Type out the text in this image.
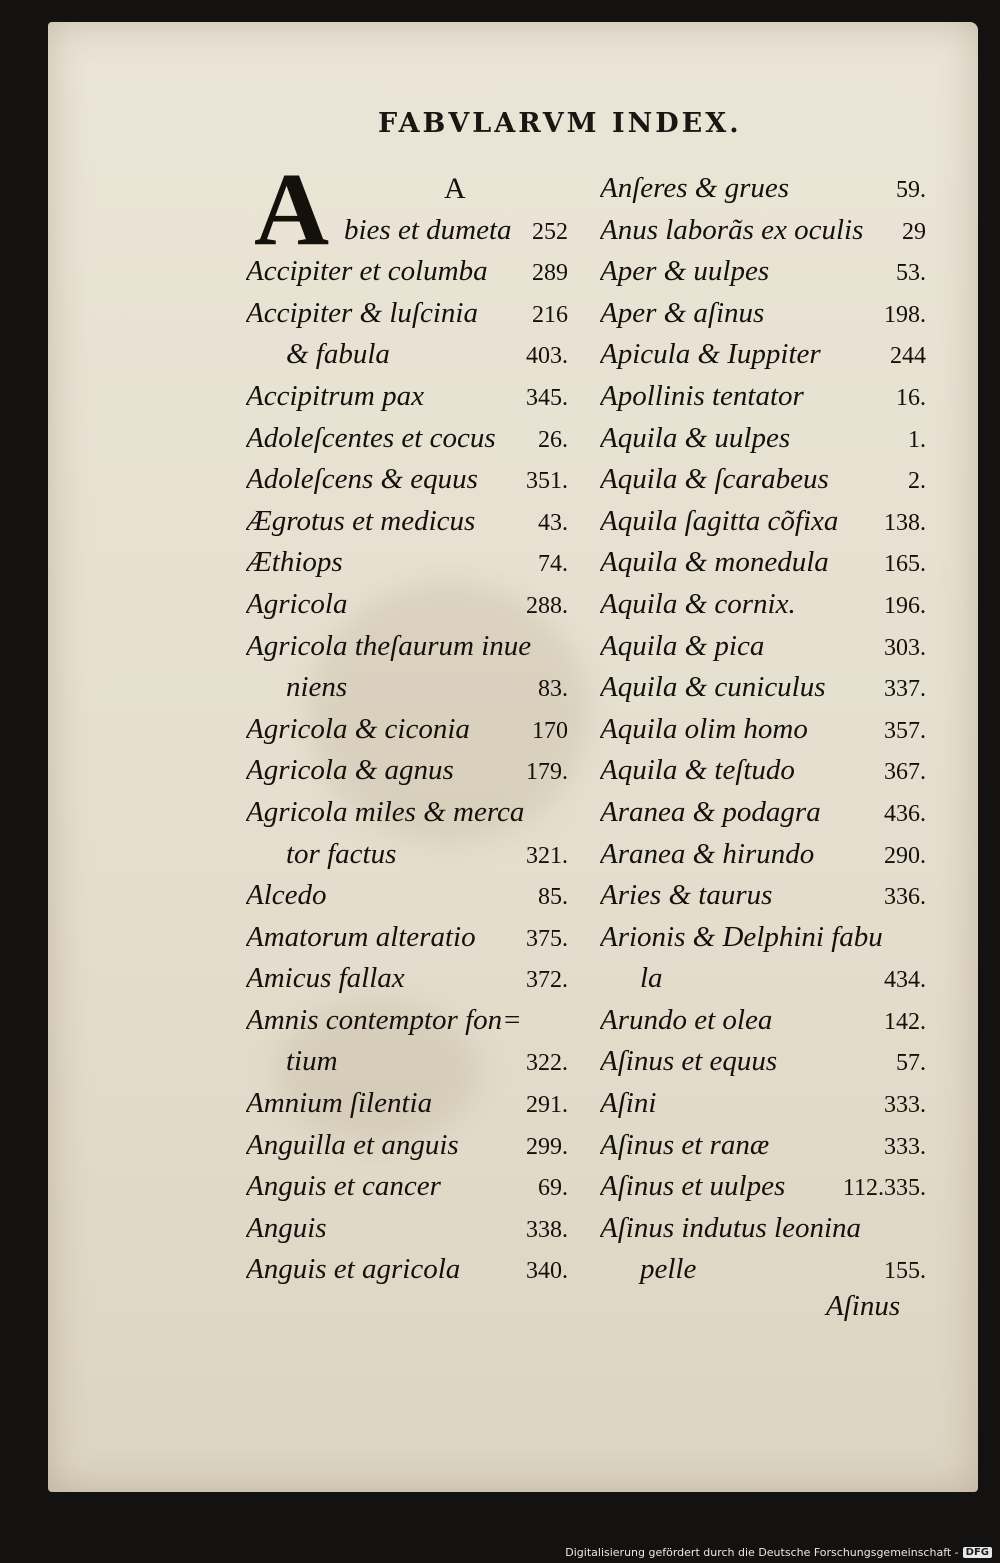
FABVLARVM INDEX.
A	A
bies et dumeta 252
Accipiter et columba 289
Accipiter & luſcinia 216
& fabula	403.
Accipitrum pax	345.
Adoleſcentes et cocus 26.
Adoleſcens & equus 351.
Ægrotus et medicus	43.
Æthiops	74.
Agricola	288.
Agricola theſaurum inue
niens	83.
Agricola & ciconia	170
Agricola & agnus	179.
Agricola miles & merca
tor factus	321.
Alcedo	85.
Amatorum alteratio 375.
Amicus fallax	372.
Amnis contemptor fon=
tium	322.
Amnium ſilentia	291.
Anguilla et anguis	299.
Anguis et cancer	69.
Anguis	338.
Anguis et agricola	340.
Anſeres & grues	59.
Anus laborãs ex oculis 29
Aper & uulpes	53.
Aper & aſinus	198.
Apicula & Iuppiter	244
Apollinis tentator	16.
Aquila & uulpes	1.
Aquila & ſcarabeus	2.
Aquila ſagitta cõfixa 138.
Aquila & monedula 165.
Aquila & cornix.	196.
Aquila & pica	303.
Aquila & cuniculus 337.
Aquila olim homo	357.
Aquila & teſtudo	367.
Aranea & podagra	436.
Aranea & hirundo	290.
Aries & taurus	336.
Arionis & Delphini fabu
la	434.
Arundo et olea	142.
Aſinus et equus	57.
Aſini	333.
Aſinus et ranæ	333.
Aſinus et uulpes 112.335.
Aſinus indutus leonina
pelle	155.
Aſinus
Digitalisierung gefördert durch die Deutsche Forschungsgemeinschaft - DFG
